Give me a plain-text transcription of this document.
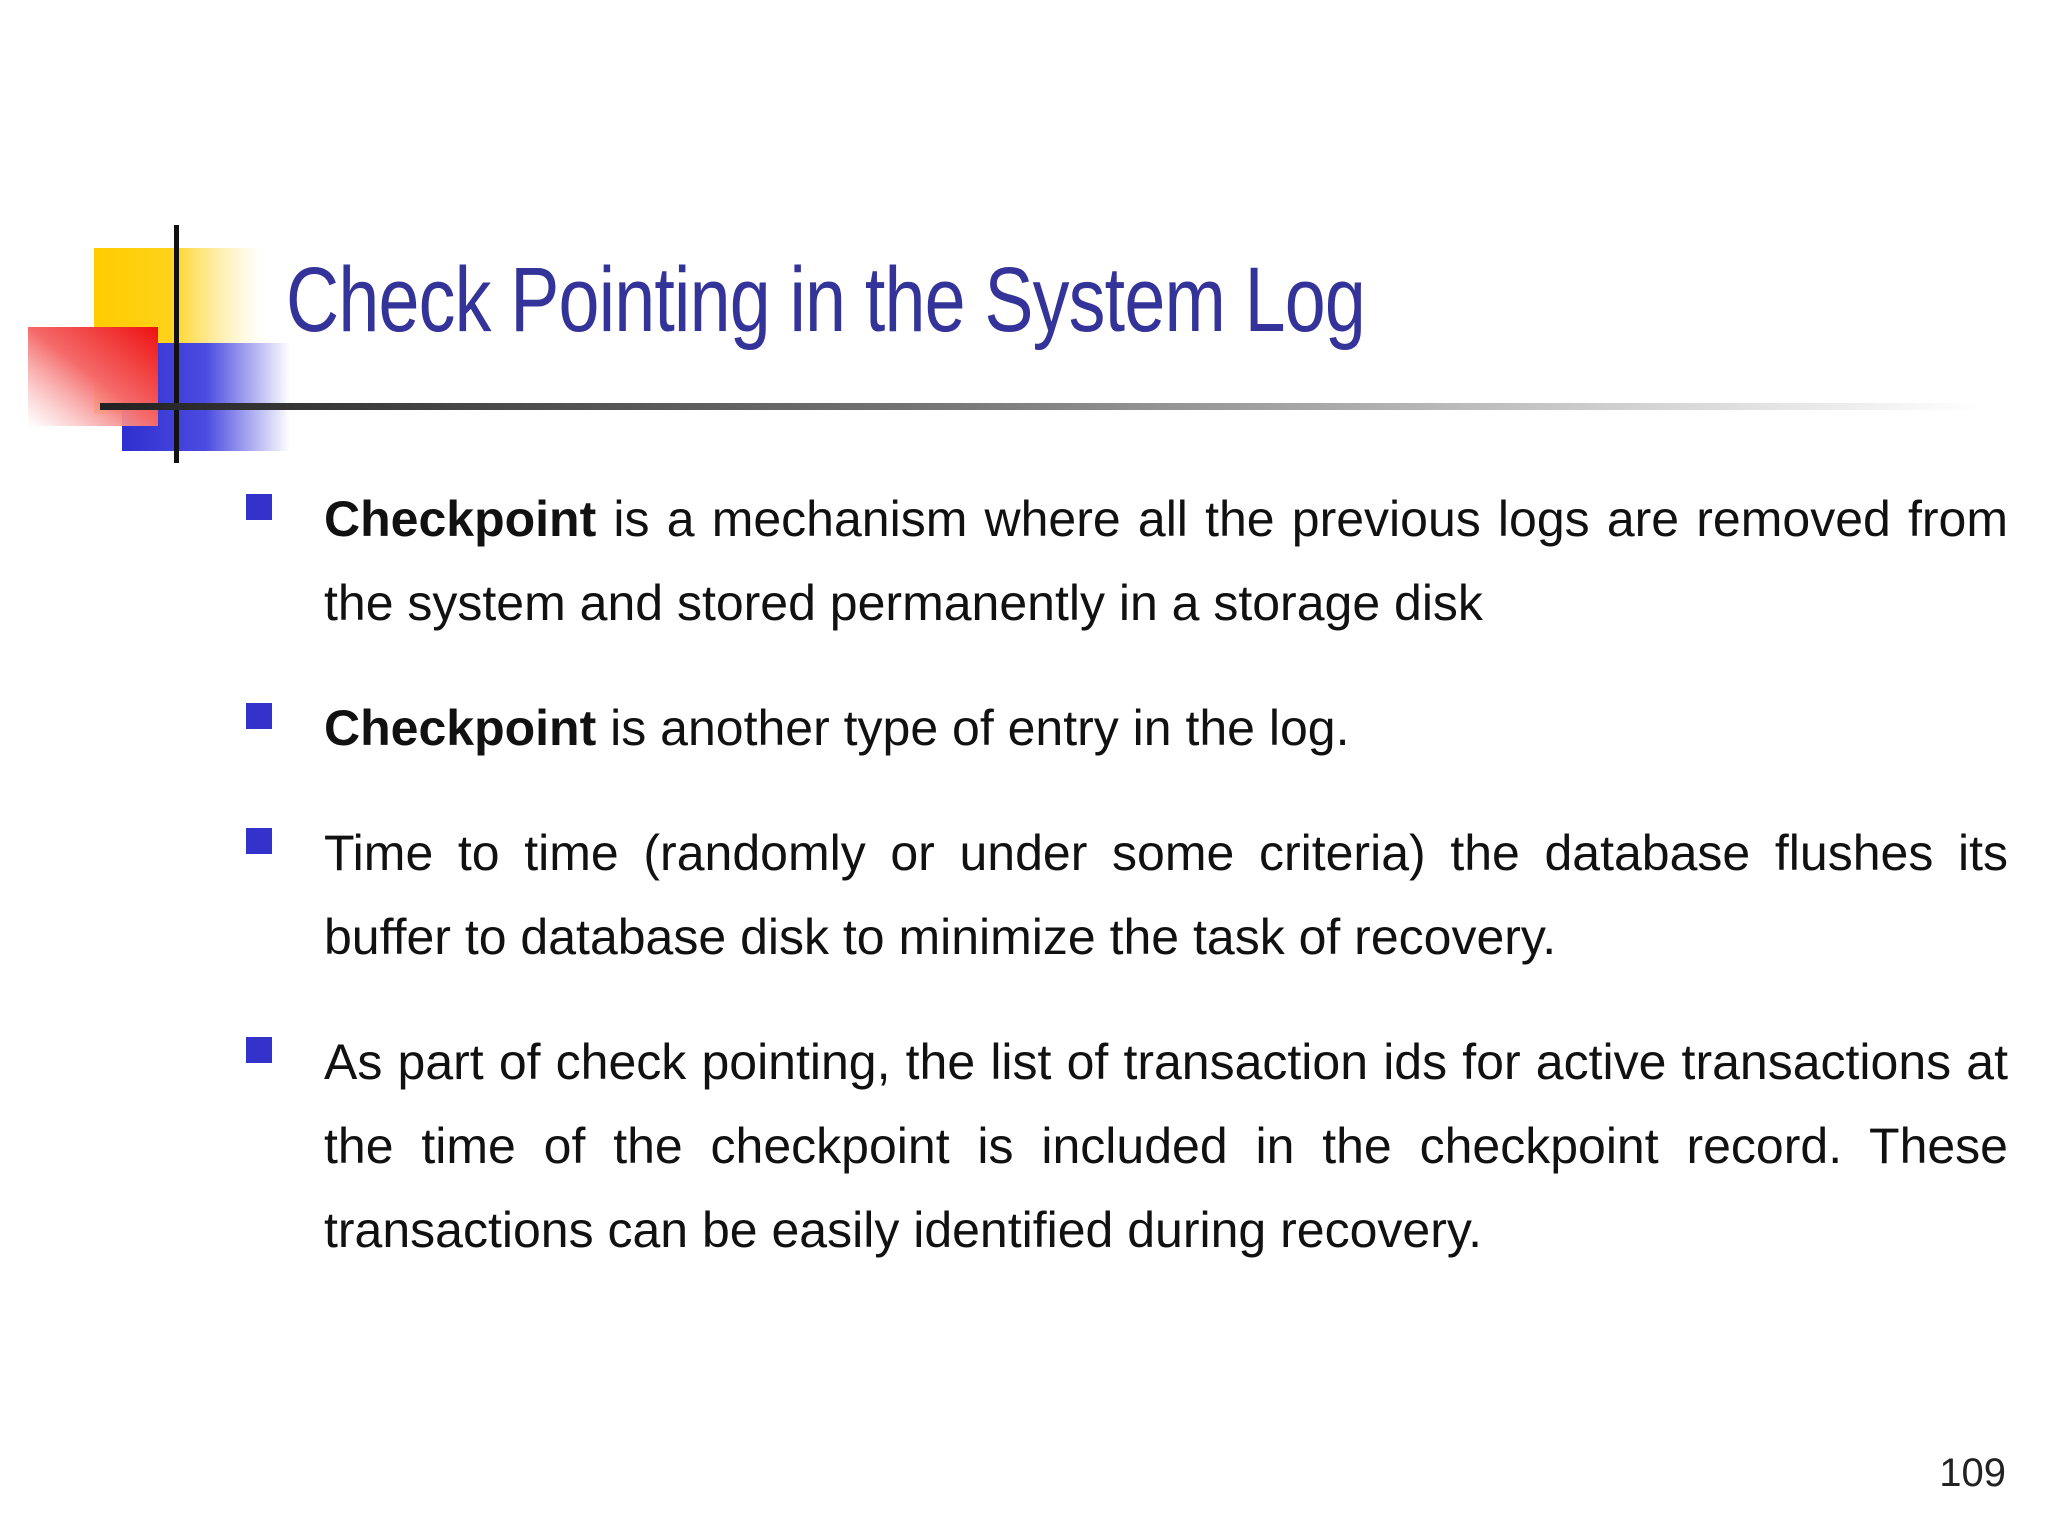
Check Pointing in the System Log
Checkpoint is a mechanism where all the previous logs are removed from the system and stored permanently in a storage disk
Checkpoint is another type of entry in the log.
Time to time (randomly or under some criteria) the database flushes its buffer to database disk to minimize the task of recovery.
As part of check pointing, the list of transaction ids for active transactions at the time of the checkpoint is included in the checkpoint record. These transactions can be easily identified during recovery.
109
